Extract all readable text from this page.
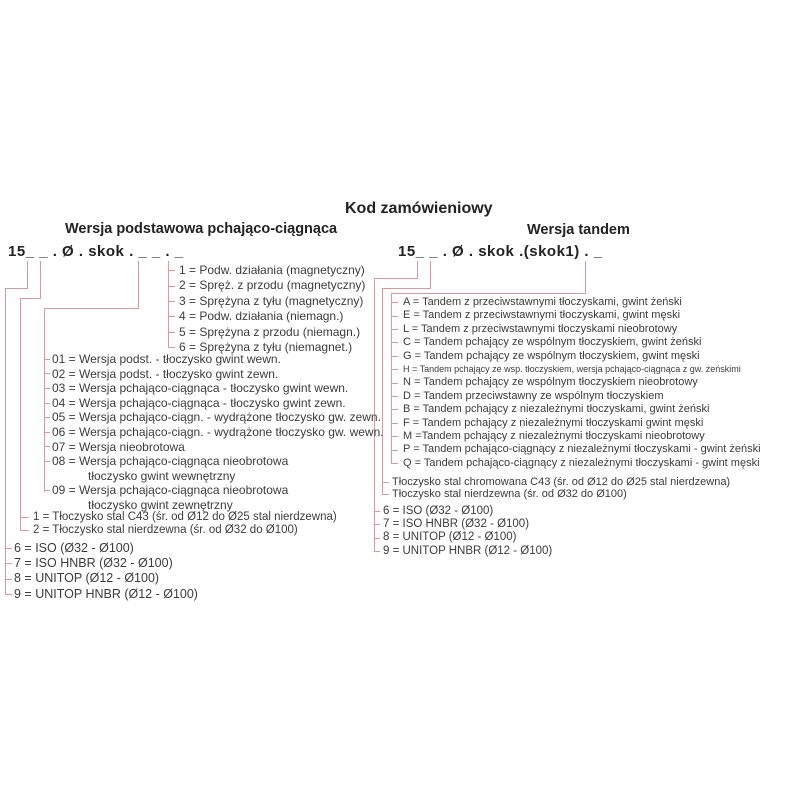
Kod zamówieniowy
Wersja podstawowa pchająco-ciągnąca	Wersja tandem
15_ _ . Ø . skok . _ _ . _	15_ _ . Ø . skok .(skok1) . _
1 = Podw. działania (magnetyczny)
2 = Spręż. z przodu (magnetyczny)
3 = Sprężyna z tyłu (magnetyczny)
4 = Podw. działania (niemagn.)
5 = Sprężyna z przodu (niemagn.)
6 = Sprężyna z tyłu (niemagnet.)
01 = Wersja podst. - tłoczysko gwint wewn.
02 = Wersja podst. - tłoczysko gwint zewn.
03 = Wersja pchająco-ciągnąca - tłoczysko gwint wewn.
04 = Wersja pchająco-ciągnąca - tłoczysko gwint zewn.
05 = Wersja pchająco-ciągn. - wydrążone tłoczysko gw. zewn.
06 = Wersja pchająco-ciągn. - wydrążone tłoczysko gw. wewn.
07 = Wersja nieobrotowa
08 = Wersja pchająco-ciągnąca nieobrotowa
tłoczysko gwint wewnętrzny
09 = Wersja pchająco-ciągnąca nieobrotowa
tłoczysko gwint zewnętrzny
1 = Tłoczysko stal C43 (śr. od Ø12 do Ø25 stal nierdzewna)
2 = Tłoczysko stal nierdzewna (śr. od Ø32 do Ø100)
6 = ISO (Ø32 - Ø100)
7 = ISO HNBR (Ø32 - Ø100)
8 = UNITOP (Ø12 - Ø100)
9 = UNITOP HNBR (Ø12 - Ø100)
A = Tandem z przeciwstawnymi tłoczyskami, gwint żeński
E = Tandem z przeciwstawnymi tłoczyskami, gwint męski
L = Tandem z przeciwstawnymi tłoczyskami nieobrotowy
C = Tandem pchający ze wspólnym tłoczyskiem, gwint żeński
G = Tandem pchający ze wspólnym tłoczyskiem, gwint męski
H = Tandem pchający ze wsp. tłoczyskiem, wersja pchająco-ciągnąca z gw. żeńskimi
N = Tandem pchający ze wspólnym tłoczyskiem nieobrotowy
D = Tandem przeciwstawny ze wspólnym tłoczyskiem
B = Tandem pchający z niezależnymi tłoczyskami, gwint żeński
F = Tandem pchający z niezależnymi tłoczyskami gwint męski
M =Tandem pchający z niezależnymi tłoczyskami nieobrotowy
P = Tandem pchająco-ciągnący z niezależnymi tłoczyskami - gwint żeński
Q = Tandem pchająco-ciągnący z niezależnymi tłoczyskami - gwint męski
Tłoczysko stal chromowana C43 (śr. od Ø12 do Ø25 stal nierdzewna)
Tłoczysko stal nierdzewna (śr. od Ø32 do Ø100)
6 = ISO (Ø32 - Ø100)
7 = ISO HNBR (Ø32 - Ø100)
8 = UNITOP (Ø12 - Ø100)
9 = UNITOP HNBR (Ø12 - Ø100)
